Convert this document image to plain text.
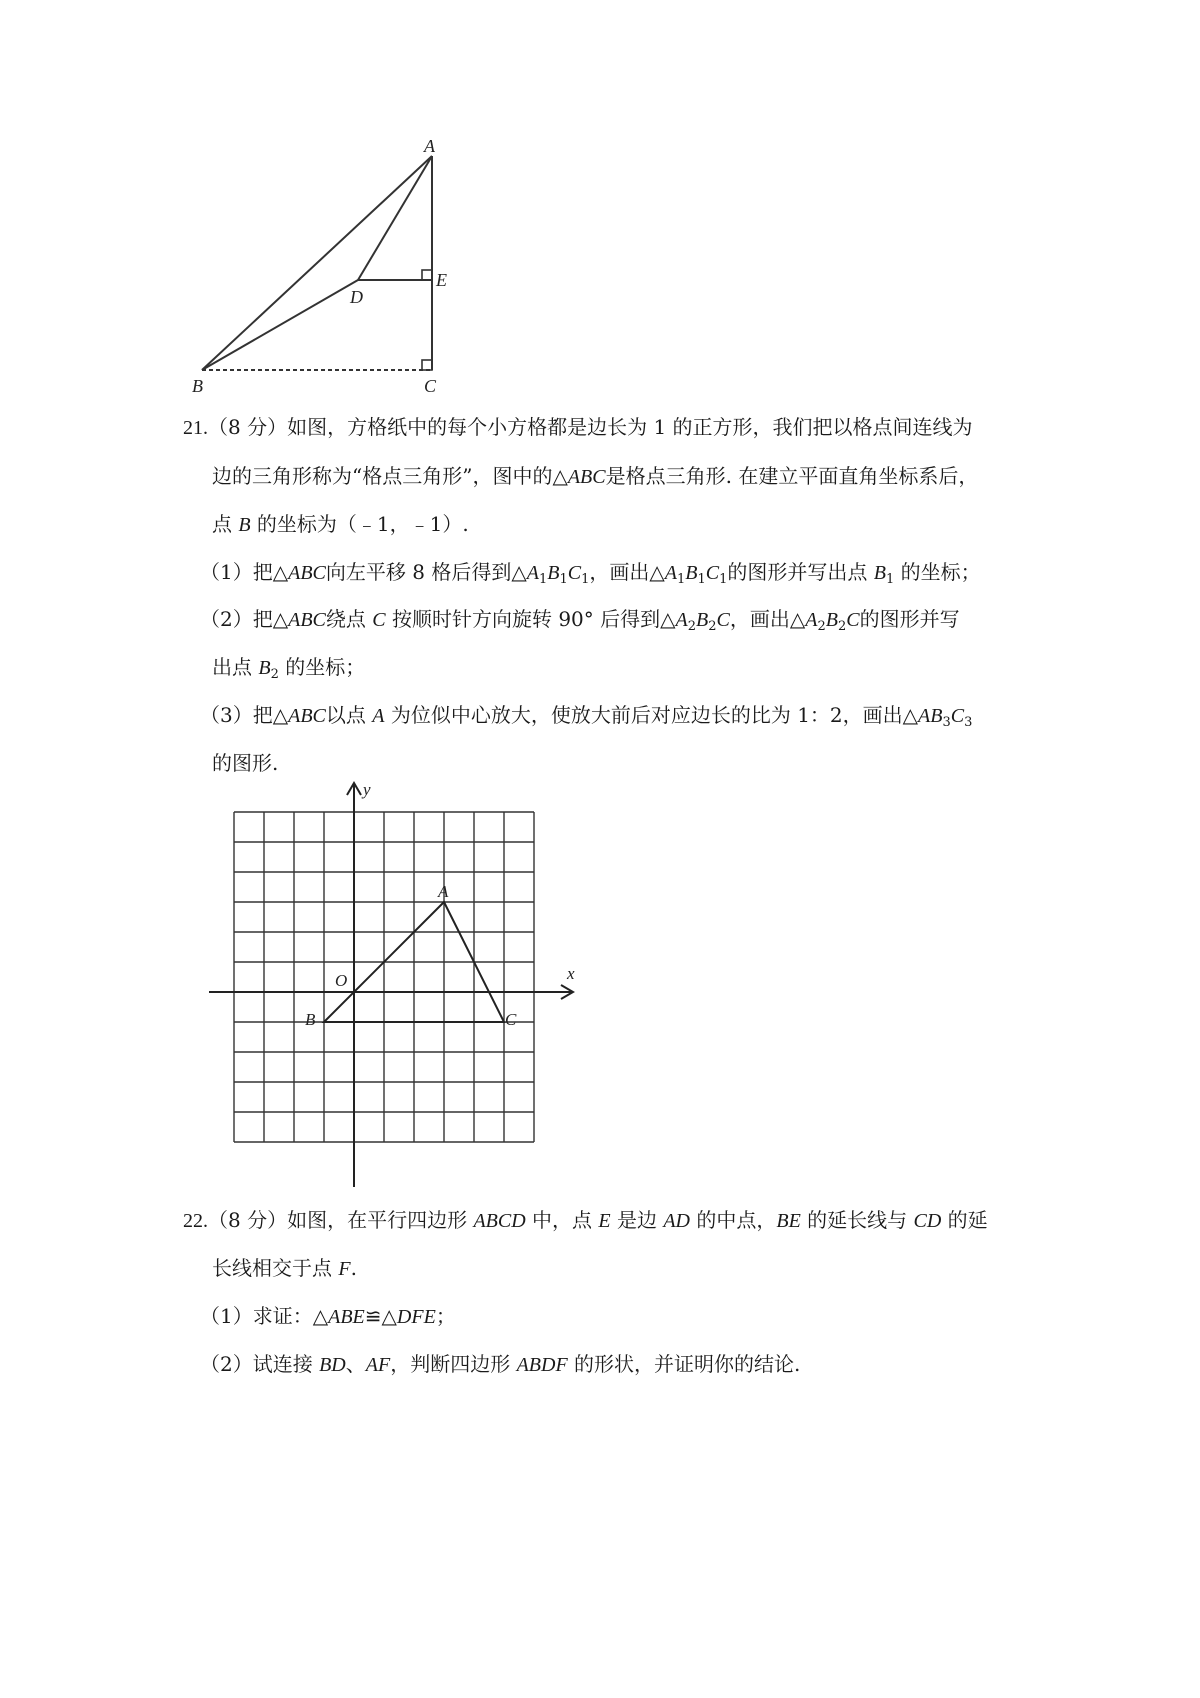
A
B	C
D
E
21.（8 分）如图，方格纸中的每个小方格都是边长为 1 的正方形，我们把以格点间连线为
边的三角形称为“格点三角形”，图中的△ABC是格点三角形. 在建立平面直角坐标系后，
点 B 的坐标为（﹣1，﹣1）.
（1）把△ABC向左平移 8 格后得到$\triangle A_1B_1C_1$，画出$\triangle A_1B_1C_1$的图形并写出点 $B_1$ 的坐标；
（2）把△ABC绕点 C 按顺时针方向旋转 90° 后得到$\triangle A_2B_2C$，画出$\triangle A_2B_2C$的图形并写
出点 $B_2$ 的坐标；
（3）把△ABC以点 A 为位似中心放大，使放大前后对应边长的比为 1：2，画出$\triangle AB_3C_3$
的图形.
A
B	C
O	x
y
22.（8 分）如图，在平行四边形 ABCD 中，点 E 是边 AD 的中点，BE 的延长线与 CD 的延
长线相交于点 F.
（1）求证：△ABE≌△DFE；
（2）试连接 BD、AF，判断四边形 ABDF 的形状，并证明你的结论.
